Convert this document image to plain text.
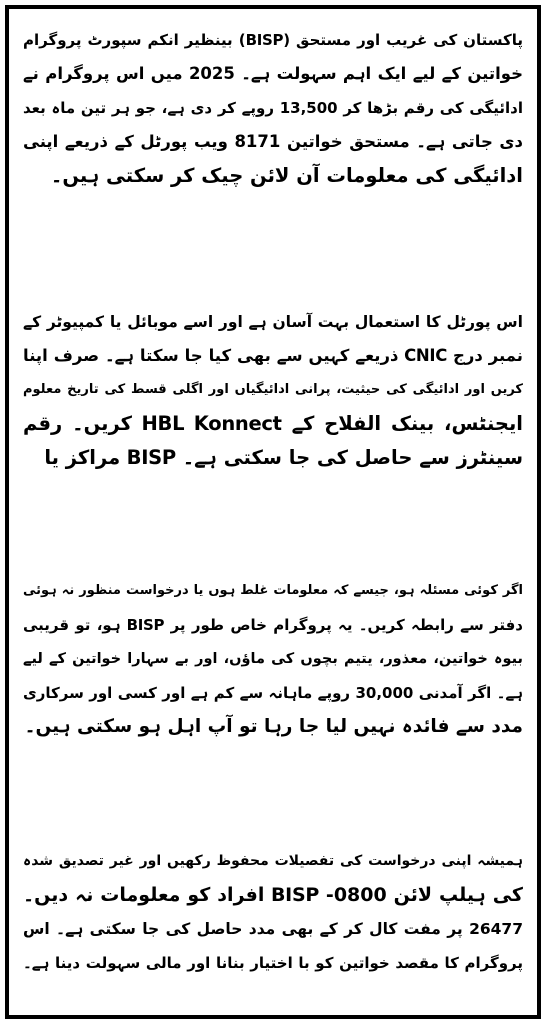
پاکستان کی غریب اور مستحق (BISP) بینظیر انکم سپورٹ پروگرام
خواتین کے لیے ایک اہم سہولت ہے۔ 2025 میں اس پروگرام نے
ادائیگی کی رقم بڑھا کر 13,500 روپے کر دی ہے، جو ہر تین ماہ بعد
دی جاتی ہے۔ مستحق خواتین 8171 ویب پورٹل کے ذریعے اپنی
ادائیگی کی معلومات آن لائن چیک کر سکتی ہیں۔
اس پورٹل کا استعمال بہت آسان ہے اور اسے موبائل یا کمپیوٹر کے
نمبر درج CNIC ذریعے کہیں سے بھی کیا جا سکتا ہے۔ صرف اپنا
کریں اور ادائیگی کی حیثیت، پرانی ادائیگیاں اور اگلی قسط کی تاریخ معلوم
ایجنٹس، بینک الفلاح کے HBL Konnect کریں۔ رقم
سینٹرز سے حاصل کی جا سکتی ہے۔ BISP مراکز یا
اگر کوئی مسئلہ ہو، جیسے کہ معلومات غلط ہوں یا درخواست منظور نہ ہوئی
دفتر سے رابطہ کریں۔ یہ پروگرام خاص طور پر BISP ہو، تو قریبی
بیوہ خواتین، معذور، یتیم بچوں کی ماؤں، اور بے سہارا خواتین کے لیے
ہے۔ اگر آمدنی 30,000 روپے ماہانہ سے کم ہے اور کسی اور سرکاری
مدد سے فائدہ نہیں لیا جا رہا تو آپ اہل ہو سکتی ہیں۔
ہمیشہ اپنی درخواست کی تفصیلات محفوظ رکھیں اور غیر تصدیق شدہ
کی ہیلپ لائن 0800- BISP افراد کو معلومات نہ دیں۔
26477 پر مفت کال کر کے بھی مدد حاصل کی جا سکتی ہے۔ اس
پروگرام کا مقصد خواتین کو با اختیار بنانا اور مالی سہولت دینا ہے۔
